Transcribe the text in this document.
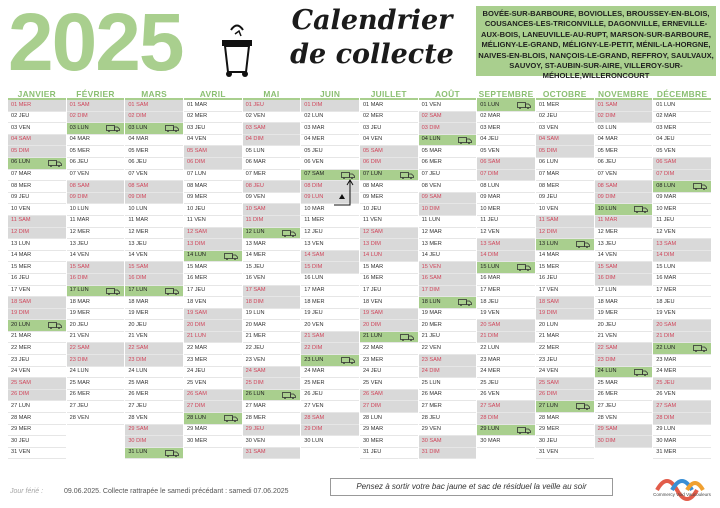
2025	Calendrier
de collecte
BOVÉE-SUR-BARBOURE, BOVIOLLES, BROUSSEY-EN-BLOIS, COUSANCES-LES-TRICONVILLE, DAGONVILLE, ERNEVILLE-AUX-BOIS, LANEUVILLE-AU-RUPT, MARSON-SUR-BARBOURE, MÉLIGNY-LE-GRAND, MÉLIGNY-LE-PETIT, MÉNIL-LA-HORGNE, NAIVES-EN-BLOIS, NANÇOIS-LE-GRAND, REFFROY, SAULVAUX, SAUVOY, ST-AUBIN-SUR-AIRE, VILLEROY-SUR-MÉHOLLE,WILLERONCOURT
JANVIER
01 MER
02 JEU
03 VEN
04 SAM
05 DIM
06 LUN
07 MAR
08 MER
09 JEU
10 VEN
11 SAM
12 DIM
13 LUN
14 MAR
15 MER
16 JEU
17 VEN
18 SAM
19 DIM
20 LUN
21 MAR
22 MER
23 JEU
24 VEN
25 SAM
26 DIM
27 LUN
28 MAR
29 MER
30 JEU
31 VEN
FÉVRIER
01 SAM
02 DIM
03 LUN
04 MAR
05 MER
06 JEU
07 VEN
08 SAM
09 DIM
10 LUN
11 MAR
12 MER
13 JEU
14 VEN
15 SAM
16 DIM
17 LUN
18 MAR
19 MER
20 JEU
21 VEN
22 SAM
23 DIM
24 LUN
25 MAR
26 MER
27 JEU
28 VEN
MARS
01 SAM
02 DIM
03 LUN
04 MAR
05 MER
06 JEU
07 VEN
08 SAM
09 DIM
10 LUN
11 MAR
12 MER
13 JEU
14 VEN
15 SAM
16 DIM
17 LUN
18 MAR
19 MER
20 JEU
21 VEN
22 SAM
23 DIM
24 LUN
25 MAR
26 MER
27 JEU
28 VEN
29 SAM
30 DIM
31 LUN
AVRIL
01 MAR
02 MER
03 JEU
04 VEN
05 SAM
06 DIM
07 LUN
08 MAR
09 MER
10 JEU
11 VEN
12 SAM
13 DIM
14 LUN
15 MAR
16 MER
17 JEU
18 VEN
19 SAM
20 DIM
21 LUN
22 MAR
23 MER
24 JEU
25 VEN
26 SAM
27 DIM
28 LUN
29 MAR
30 MER
MAI
01 JEU
02 VEN
03 SAM
04 DIM
05 LUN
06 MAR
07 MER
08 JEU
09 VEN
10 SAM
11 DIM
12 LUN
13 MAR
14 MER
15 JEU
16 VEN
17 SAM
18 DIM
19 LUN
20 MAR
21 MER
22 JEU
23 VEN
24 SAM
25 DIM
26 LUN
27 MAR
28 MER
29 JEU
30 VEN
31 SAM
JUIN
01 DIM
02 LUN
03 MAR
04 MER
05 JEU
06 VEN
07 SAM
08 DIM
09 LUN
10 MAR
11 MER
12 JEU
13 VEN
14 SAM
15 DIM
16 LUN
17 MAR
18 MER
19 JEU
20 VEN
21 SAM
22 DIM
23 LUN
24 MAR
25 MER
26 JEU
27 VEN
28 SAM
29 DIM
30 LUN
JUILLET
01 MAR
02 MER
03 JEU
04 VEN
05 SAM
06 DIM
07 LUN
08 MAR
09 MER
10 JEU
11 VEN
12 SAM
13 DIM
14 LUN
15 MAR
16 MER
17 JEU
18 VEN
19 SAM
20 DIM
21 LUN
22 MAR
23 MER
24 JEU
25 VEN
26 SAM
27 DIM
28 LUN
29 MAR
30 MER
31 JEU
AOÛT
01 VEN
02 SAM
03 DIM
04 LUN
05 MAR
06 MER
07 JEU
08 VEN
09 SAM
10 DIM
11 LUN
12 MAR
13 MER
14 JEU
15 VEN
16 SAM
17 DIM
18 LUN
19 MAR
20 MER
21 JEU
22 VEN
23 SAM
24 DIM
25 LUN
26 MAR
27 MER
28 JEU
29 VEN
30 SAM
31 DIM
SEPTEMBRE
01 LUN
02 MAR
03 MER
04 JEU
05 VEN
06 SAM
07 DIM
08 LUN
09 MAR
10 MER
11 JEU
12 VEN
13 SAM
14 DIM
15 LUN
16 MAR
17 MER
18 JEU
19 VEN
20 SAM
21 DIM
22 LUN
23 MAR
24 MER
25 JEU
26 VEN
27 SAM
28 DIM
29 LUN
30 MAR
OCTOBRE
01 MER
02 JEU
03 VEN
04 SAM
05 DIM
06 LUN
07 MAR
08 MER
09 JEU
10 VEN
11 SAM
12 DIM
13 LUN
14 MAR
15 MER
16 JEU
17 VEN
18 SAM
19 DIM
20 LUN
21 MAR
22 MER
23 JEU
24 VEN
25 SAM
26 DIM
27 LUN
28 MAR
29 MER
30 JEU
31 VEN
NOVEMBRE
01 SAM
02 DIM
03 LUN
04 MAR
05 MER
06 JEU
07 VEN
08 SAM
09 DIM
10 LUN
11 MAR
12 MER
13 JEU
14 VEN
15 SAM
16 DIM
17 LUN
18 MAR
19 MER
20 JEU
21 VEN
22 SAM
23 DIM
24 LUN
25 MAR
26 MER
27 JEU
28 VEN
29 SAM
30 DIM
DÉCEMBRE
01 LUN
02 MAR
03 MER
04 JEU
05 VEN
06 SAM
07 DIM
08 LUN
09 MAR
10 MER
11 JEU
12 VEN
13 SAM
14 DIM
15 LUN
16 MAR
17 MER
18 JEU
19 VEN
20 SAM
21 DIM
22 LUN
23 MAR
24 MER
25 JEU
26 VEN
27 SAM
28 DIM
29 LUN
30 MAR
31 MER
Jour férié :	09.06.2025. Collecte rattrapée le samedi précédant : samedi 07.06.2025
Pensez à sortir votre bac jaune et sac de résiduel la veille au soir
Commercy Void Vaucouleurs
